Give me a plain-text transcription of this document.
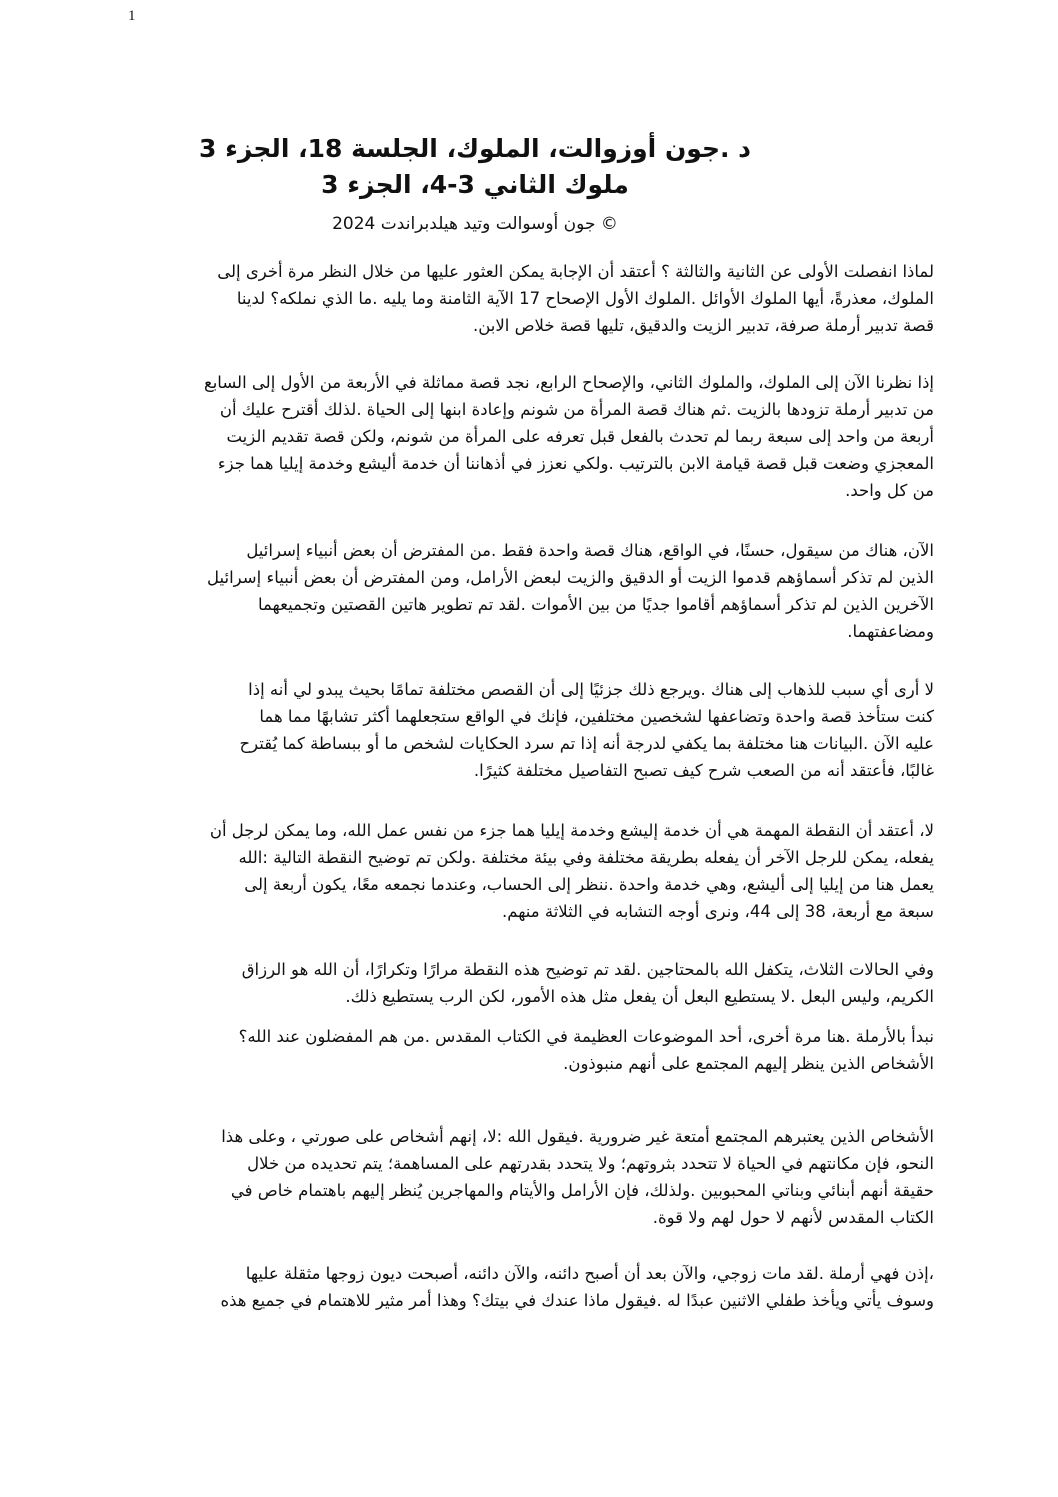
1
د .جون أوزوالت، الملوك، الجلسة 18، الجزء 3
ملوك الثاني 3-4، الجزء 3
جون أوسوالت وتيد هيلدبراندت 2024 ©
لماذا انفصلت الأولى عن الثانية والثالثة ؟ أعتقد أن الإجابة يمكن العثور عليها من خلال النظر مرة أخرى إلى
الملوك، معذرةً، أيها الملوك الأوائل .الملوك الأول الإصحاح 17 الآية الثامنة وما يليه .ما الذي نملكه؟ لدينا
.قصة تدبير أرملة صرفة، تدبير الزيت والدقيق، تليها قصة خلاص الابن
إذا نظرنا الآن إلى الملوك، والملوك الثاني، والإصحاح الرابع، نجد قصة مماثلة في الأربعة من الأول إلى السابع
من تدبير أرملة تزودها بالزيت .ثم هناك قصة المرأة من شونم وإعادة ابنها إلى الحياة .لذلك أقترح عليك أن
أربعة من واحد إلى سبعة ربما لم تحدث بالفعل قبل تعرفه على المرأة من شونم، ولكن قصة تقديم الزيت
المعجزي وضعت قبل قصة قيامة الابن بالترتيب .ولكي نعزز في أذهاننا أن خدمة أليشع وخدمة إيليا هما جزء
.من كل واحد
الآن، هناك من سيقول، حسنًا، في الواقع، هناك قصة واحدة فقط .من المفترض أن بعض أنبياء إسرائيل
الذين لم تذكر أسماؤهم قدموا الزيت أو الدقيق والزيت لبعض الأرامل، ومن المفترض أن بعض أنبياء إسرائيل
الآخرين الذين لم تذكر أسماؤهم أقاموا جديًا من بين الأموات .لقد تم تطوير هاتين القصتين وتجميعهما
.ومضاعفتهما
لا أرى أي سبب للذهاب إلى هناك .ويرجع ذلك جزئيًا إلى أن القصص مختلفة تمامًا بحيث يبدو لي أنه إذا
كنت ستأخذ قصة واحدة وتضاعفها لشخصين مختلفين، فإنك في الواقع ستجعلهما أكثر تشابهًا مما هما
عليه الآن .البيانات هنا مختلفة بما يكفي لدرجة أنه إذا تم سرد الحكايات لشخص ما أو ببساطة كما يُقترح
.غالبًا، فأعتقد أنه من الصعب شرح كيف تصبح التفاصيل مختلفة كثيرًا
لا، أعتقد أن النقطة المهمة هي أن خدمة إليشع وخدمة إيليا هما جزء من نفس عمل الله، وما يمكن لرجل أن
يفعله، يمكن للرجل الآخر أن يفعله بطريقة مختلفة وفي بيئة مختلفة .ولكن تم توضيح النقطة التالية :الله
يعمل هنا من إيليا إلى أليشع، وهي خدمة واحدة .ننظر إلى الحساب، وعندما نجمعه معًا، يكون أربعة إلى
.سبعة مع أربعة، 38 إلى 44، ونرى أوجه التشابه في الثلاثة منهم
وفي الحالات الثلاث، يتكفل الله بالمحتاجين .لقد تم توضيح هذه النقطة مرارًا وتكرارًا، أن الله هو الرزاق
.الكريم، وليس البعل .لا يستطيع البعل أن يفعل مثل هذه الأمور، لكن الرب يستطيع ذلك
نبدأ بالأرملة .هنا مرة أخرى، أحد الموضوعات العظيمة في الكتاب المقدس .من هم المفضلون عند الله؟
.الأشخاص الذين ينظر إليهم المجتمع على أنهم منبوذون
الأشخاص الذين يعتبرهم المجتمع أمتعة غير ضرورية .فيقول الله :لا، إنهم أشخاص على صورتي ، وعلى هذا
النحو، فإن مكانتهم في الحياة لا تتحدد بثروتهم؛ ولا يتحدد بقدرتهم على المساهمة؛ يتم تحديده من خلال
حقيقة أنهم أبنائي وبناتي المحبوبين .ولذلك، فإن الأرامل والأيتام والمهاجرين يُنظر إليهم باهتمام خاص في
.الكتاب المقدس لأنهم لا حول لهم ولا قوة
إذن فهي أرملة .لقد مات زوجي، والآن بعد أن أصبح دائنه، والآن دائنه، أصبحت ديون زوجها مثقلة عليها،
وسوف يأتي ويأخذ طفلي الاثنين عبدًا له .فيقول ماذا عندك في بيتك؟ وهذا أمر مثير للاهتمام في جميع هذه
